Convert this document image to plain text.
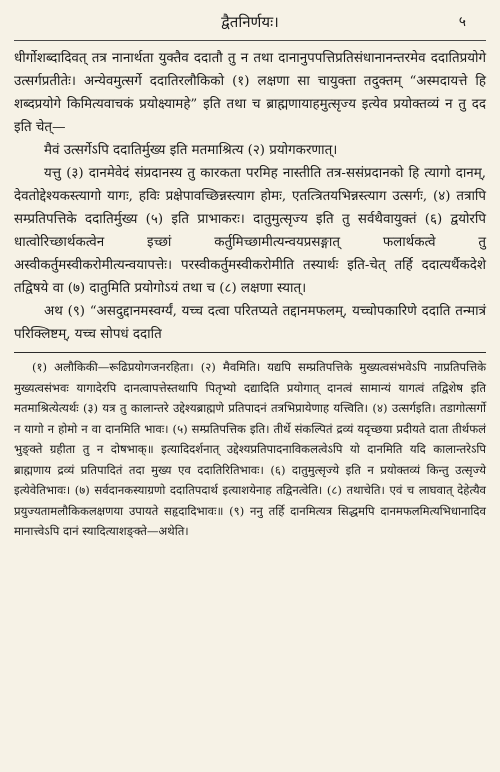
द्वैतनिर्णयः।	५

धीर्गोशब्दादिवत् तत्र नानार्थता युक्तैव ददातौ तु न तथा दानानुपपत्तिप्रतिसंधानानन्तरमेव ददातिप्रयोगे उत्सर्गप्रतीतेः। अन्येवमुत्सर्गे ददातिरलौकिको (१) लक्षणा सा चायुक्ता तदुक्तम् “अस्मदायत्ते हि शब्दप्रयोगे किमित्यवाचकं प्रयोक्ष्यामहे” इति तथा च ब्राह्मणायाहमुत्सृज्य इत्येव प्रयोक्तव्यं न तु दद इति चेत्—

मैवं उत्सर्गेऽपि ददातिर्मुख्य इति मतमाश्रित्य (२) प्रयोगकरणात्।

यत्तु (३) दानमेवेदं संप्रदानस्य तु कारकता परमिह नास्तीति तत्र-ससंप्रदानको हि त्यागो दानम्, देवतोद्देश्यकस्त्यागो यागः, हविः प्रक्षेपावच्छिन्नस्त्याग होमः, एतत्त्रितयभिन्नस्त्याग उत्सर्गः, (४) तत्रापि सम्प्रतिपत्तिके ददातिर्मुख्य (५) इति प्राभाकरः। दातुमुत्सृज्य इति तु सर्वथैवायुक्तं (६) द्वयोरपि धात्वोरिच्छार्थकत्वेन इच्छां कर्तुमिच्छामीत्यन्वयप्रसङ्गात् फलार्थकत्वे तु अस्वीकर्तुमस्वीकरोमीत्यन्वयापत्तेः। परस्वीकर्तुमस्वीकरोमीति तस्यार्थः इति-चेत् तर्हि ददात्यर्थैकदेशे तद्विषये वा (७) दातुमिति प्रयोगोऽयं तथा च (८) लक्षणा स्यात्।

अथ (९) “असदुद्दानमस्वर्ग्यं, यच्च दत्वा परितप्यते तद्दानमफलम्, यच्चोपकारिणे ददाति तन्मात्रं परिक्लिष्टम्, यच्च सोपधं ददाति

(१) अलौकिकी—रूढिप्रयोगजनरहिता। (२) मैवमिति। यद्यपि सम्प्रतिपत्तिके मुख्यत्वसंभवेऽपि नाप्रतिपत्तिके मुख्यत्वसंभवः यागादेरपि दानत्वापत्तेस्तथापि पितृभ्यो दद्यादिति प्रयोगात् दानत्वं सामान्यं यागत्वं तद्विशेष इति मतमाश्रित्येत्यर्थः (३) यत्र तु कालान्तरे उद्देश्यब्राह्मणे प्रतिपादनं तत्रभिप्रायेणाह यत्त्विति। (४) उत्सर्गइति। तडागोत्सर्गो न यागो न होमो न वा दानमिति भावः। (५) सम्प्रतिपत्तिक इति। तीर्थे संकल्पितं द्रव्यं यदृच्छया प्रदीयते दाता तीर्थफलं भुङ्क्ते ग्रहीता तु न दोषभाक्॥ इत्यादिदर्शनात् उद्देश्यप्रतिपादनाविकलत्वेऽपि यो दानमिति यदि कालान्तरेऽपि ब्राह्मणाय द्रव्यं प्रतिपादितं तदा मुख्य एव ददातिरितिभावः। (६) दातुमुत्सृज्ये इति न प्रयोक्तव्यं किन्तु उत्सृज्ये इत्येवेतिभावः। (७) सर्वदानकस्याग्रणो ददातिपदार्थ इत्याशयेनाह तद्विनत्वेति। (८) तथाचेति। एवं च लाघवात् देहेत्यैव प्रयुज्यतामलौकिकलक्षणया उपायते सहृदादिभावः॥ (९) ननु तर्हि दानमित्यत्र सिद्धमपि दानमफलमित्यभिधानादिव मानात्त्वेऽपि दानं स्यादित्याशङ्क्ते—अथेति।
